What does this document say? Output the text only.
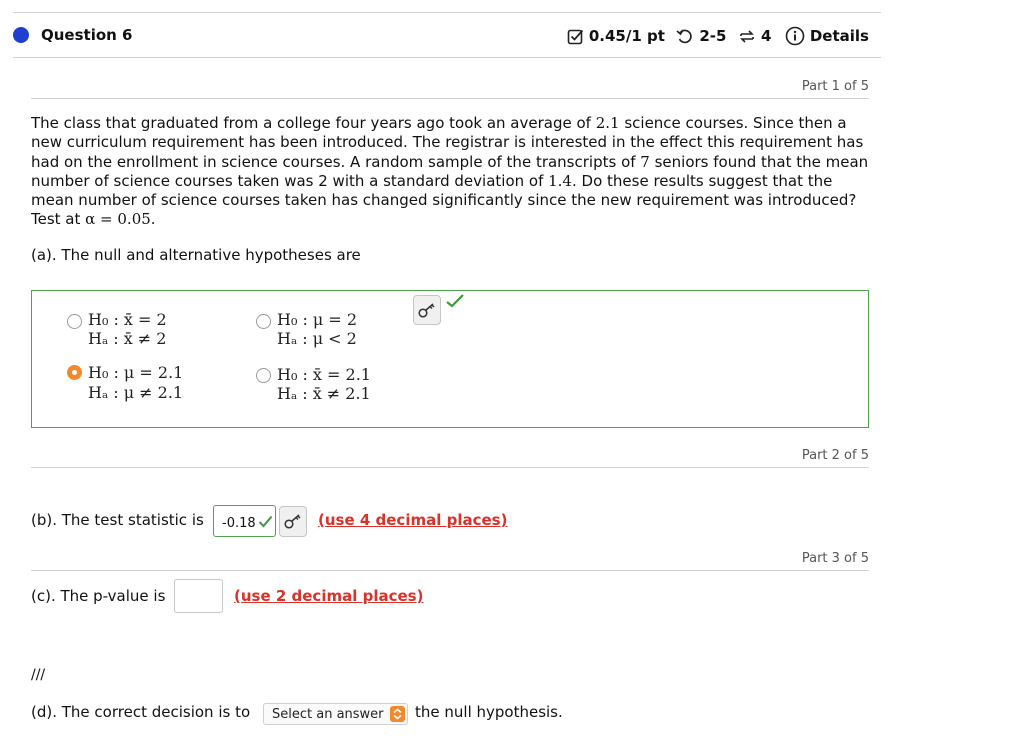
Question 6	0.45/1 pt 2-5 4	Details
Part 1 of 5
The class that graduated from a college four years ago took an average of 2.1 science courses. Since then a new curriculum requirement has been introduced. The registrar is interested in the effect this requirement has had on the enrollment in science courses. A random sample of the transcripts of 7 seniors found that the mean number of science courses taken was 2 with a standard deviation of 1.4. Do these results suggest that the mean number of science courses taken has changed significantly since the new requirement was introduced? Test at α = 0.05.
(a). The null and alternative hypotheses are
H₀ : x̄ = 2
Hₐ : x̄ ≠ 2
H₀ : μ = 2
Hₐ : μ < 2
H₀ : μ = 2.1
Hₐ : μ ≠ 2.1
H₀ : x̄ = 2.1
Hₐ : x̄ ≠ 2.1
Part 2 of 5
(b). The test statistic is	-0.18	(use 4 decimal places)
Part 3 of 5
(c). The p-value is	(use 2 decimal places)
///
(d). The correct decision is to	Select an answer	the null hypothesis.
